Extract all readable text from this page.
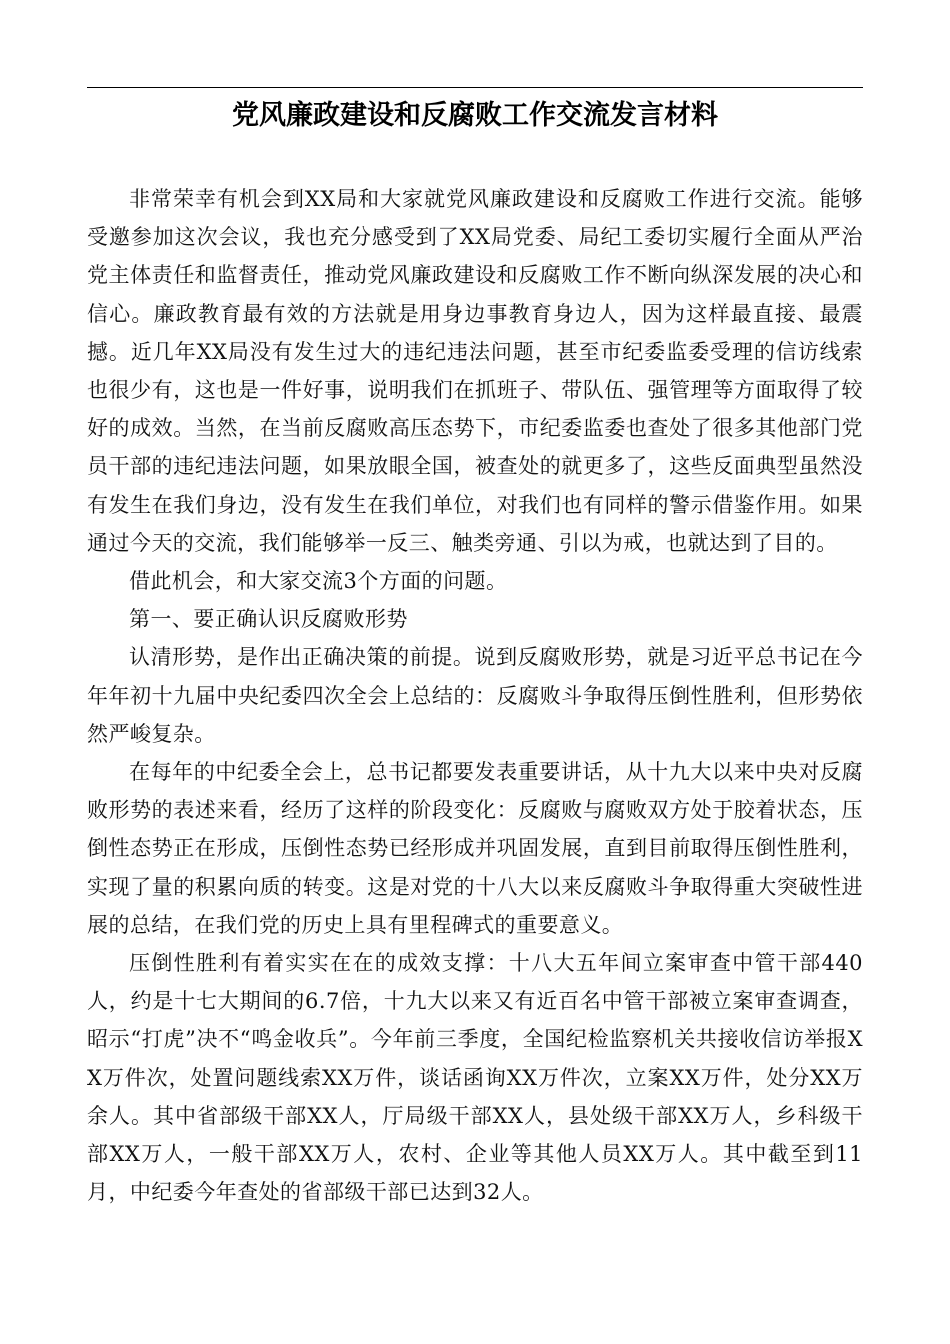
党风廉政建设和反腐败工作交流发言材料

非常荣幸有机会到XX局和大家就党风廉政建设和反腐败工作进行交流。能够受邀参加这次会议，我也充分感受到了XX局党委、局纪工委切实履行全面从严治党主体责任和监督责任，推动党风廉政建设和反腐败工作不断向纵深发展的决心和信心。廉政教育最有效的方法就是用身边事教育身边人，因为这样最直接、最震撼。近几年XX局没有发生过大的违纪违法问题，甚至市纪委监委受理的信访线索也很少有，这也是一件好事，说明我们在抓班子、带队伍、强管理等方面取得了较好的成效。当然，在当前反腐败高压态势下，市纪委监委也查处了很多其他部门党员干部的违纪违法问题，如果放眼全国，被查处的就更多了，这些反面典型虽然没有发生在我们身边，没有发生在我们单位，对我们也有同样的警示借鉴作用。如果通过今天的交流，我们能够举一反三、触类旁通、引以为戒，也就达到了目的。

借此机会，和大家交流3个方面的问题。

第一、要正确认识反腐败形势

认清形势，是作出正确决策的前提。说到反腐败形势，就是习近平总书记在今年年初十九届中央纪委四次全会上总结的：反腐败斗争取得压倒性胜利，但形势依然严峻复杂。

在每年的中纪委全会上，总书记都要发表重要讲话，从十九大以来中央对反腐败形势的表述来看，经历了这样的阶段变化：反腐败与腐败双方处于胶着状态，压倒性态势正在形成，压倒性态势已经形成并巩固发展，直到目前取得压倒性胜利，实现了量的积累向质的转变。这是对党的十八大以来反腐败斗争取得重大突破性进展的总结，在我们党的历史上具有里程碑式的重要意义。

压倒性胜利有着实实在在的成效支撑：十八大五年间立案审查中管干部440人，约是十七大期间的6.7倍，十九大以来又有近百名中管干部被立案审查调查，昭示“打虎”决不“鸣金收兵”。今年前三季度，全国纪检监察机关共接收信访举报XX万件次，处置问题线索XX万件，谈话函询XX万件次，立案XX万件，处分XX万余人。其中省部级干部XX人，厅局级干部XX人，县处级干部XX万人，乡科级干部XX万人，一般干部XX万人，农村、企业等其他人员XX万人。其中截至到11月，中纪委今年查处的省部级干部已达到32人。
